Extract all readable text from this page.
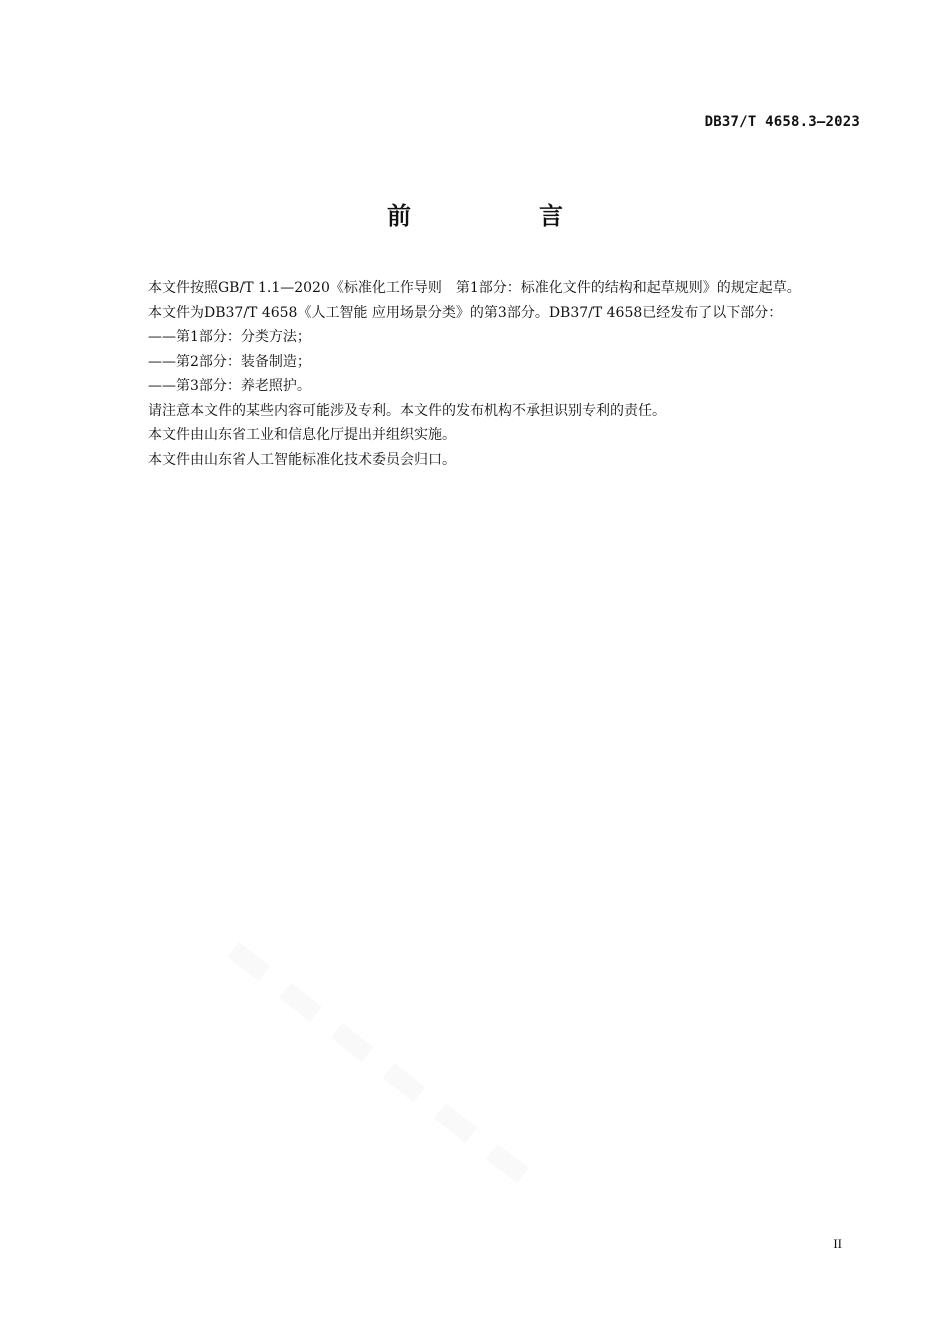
DB37/T 4658.3—2023
前　言

本文件按照GB/T 1.1—2020《标准化工作导则　第1部分：标准化文件的结构和起草规则》的规定起草。

本文件为DB37/T 4658《人工智能 应用场景分类》的第3部分。DB37/T 4658已经发布了以下部分：

——第1部分：分类方法；

——第2部分：装备制造；

——第3部分：养老照护。

请注意本文件的某些内容可能涉及专利。本文件的发布机构不承担识别专利的责任。

本文件由山东省工业和信息化厅提出并组织实施。

本文件由山东省人工智能标准化技术委员会归口。

II
